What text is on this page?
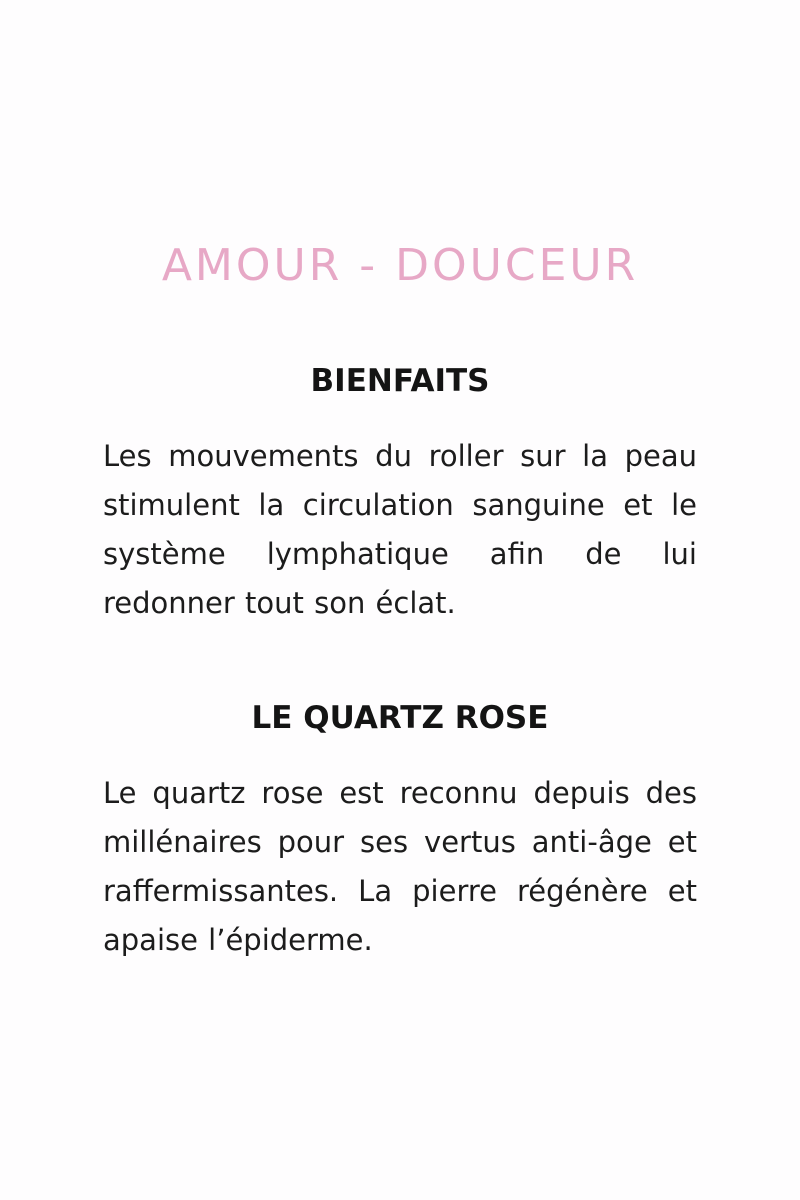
AMOUR - DOUCEUR
BIENFAITS

Les mouvements du roller sur la peau stimulent la circulation sanguine et le système lymphatique afin de lui redonner tout son éclat.

LE QUARTZ ROSE

Le quartz rose est reconnu depuis des millénaires pour ses vertus anti-âge et raffermissantes. La pierre régénère et apaise l’épiderme.
